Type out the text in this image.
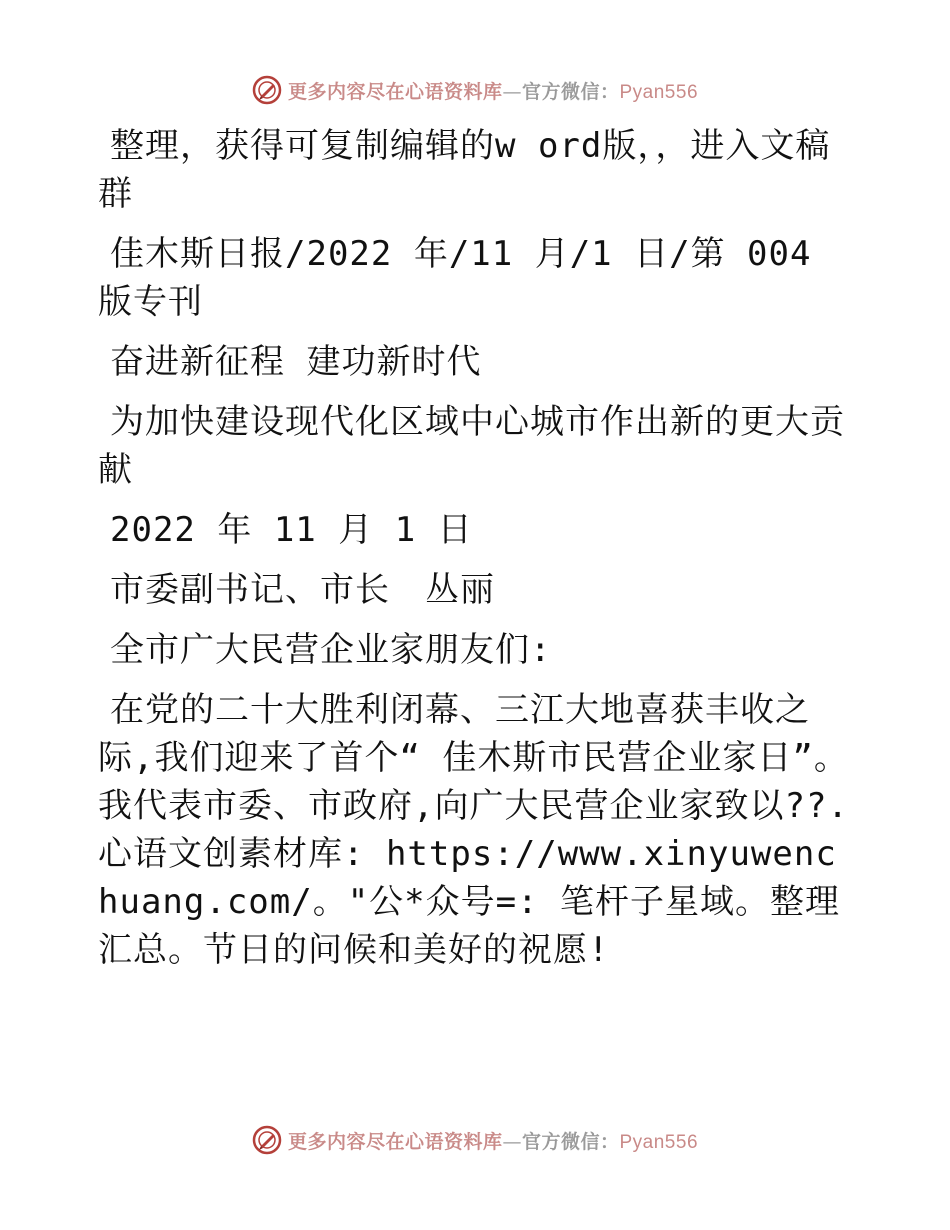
更多内容尽在心语资料库—官方微信：Pyan556

整理，获得可复制编辑的w ord版，，进入文稿群

佳木斯日报/2022 年/11 月/1 日/第 004 版专刊

奋进新征程 建功新时代

为加快建设现代化区域中心城市作出新的更大贡献

2022 年 11 月 1 日

市委副书记、市长　丛丽

全市广大民营企业家朋友们:

在党的二十大胜利闭幕、三江大地喜获丰收之际,我们迎来了首个“ 佳木斯市民营企业家日”。我代表市委、市政府,向广大民营企业家致以??.心语文创素材库: https://www.xinyuwenchuang.com/。"公*众号=: 笔杆子星域。整理汇总。节日的问候和美好的祝愿!

更多内容尽在心语资料库—官方微信：Pyan556
